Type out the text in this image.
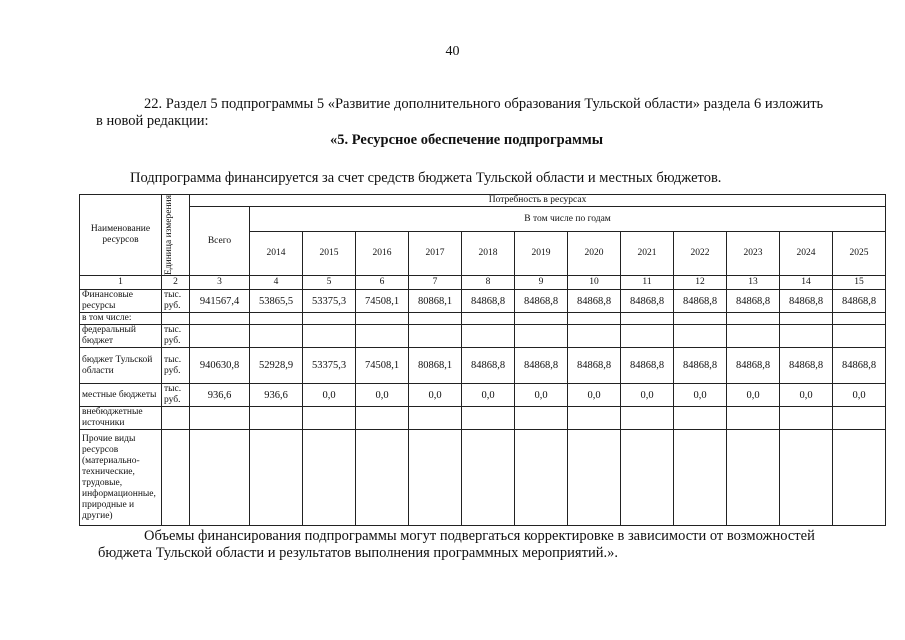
40
22. Раздел 5 подпрограммы 5 «Развитие дополнительного образования Тульской области» раздела 6 изложить
в новой редакции:
«5. Ресурсное обеспечение подпрограммы
Подпрограмма финансируется за счет средств бюджета Тульской области и местных бюджетов.
Наименование ресурсов	Единица измерения	Потребность в ресурсах												
		Всего	В том числе по годам											
			2014	2015	2016	2017	2018	2019	2020	2021	2022	2023	2024	2025
1	2	3	4	5	6	7	8	9	10	11	12	13	14	15
Финансовые ресурсы	тыс. руб.	941567,4	53865,5	53375,3	74508,1	80868,1	84868,8	84868,8	84868,8	84868,8	84868,8	84868,8	84868,8	84868,8
в том числе:														
федеральный бюджет	тыс. руб.													
бюджет Тульской области	тыс. руб.	940630,8	52928,9	53375,3	74508,1	80868,1	84868,8	84868,8	84868,8	84868,8	84868,8	84868,8	84868,8	84868,8
местные бюджеты	тыс. руб.	936,6	936,6	0,0	0,0	0,0	0,0	0,0	0,0	0,0	0,0	0,0	0,0	0,0
внебюджетные источники														
Прочие виды ресурсов (материально-технические, трудовые, информационные, природные и другие)														
Объемы финансирования подпрограммы могут подвергаться корректировке в зависимости от возможностей
бюджета Тульской области и результатов выполнения программных мероприятий.».
